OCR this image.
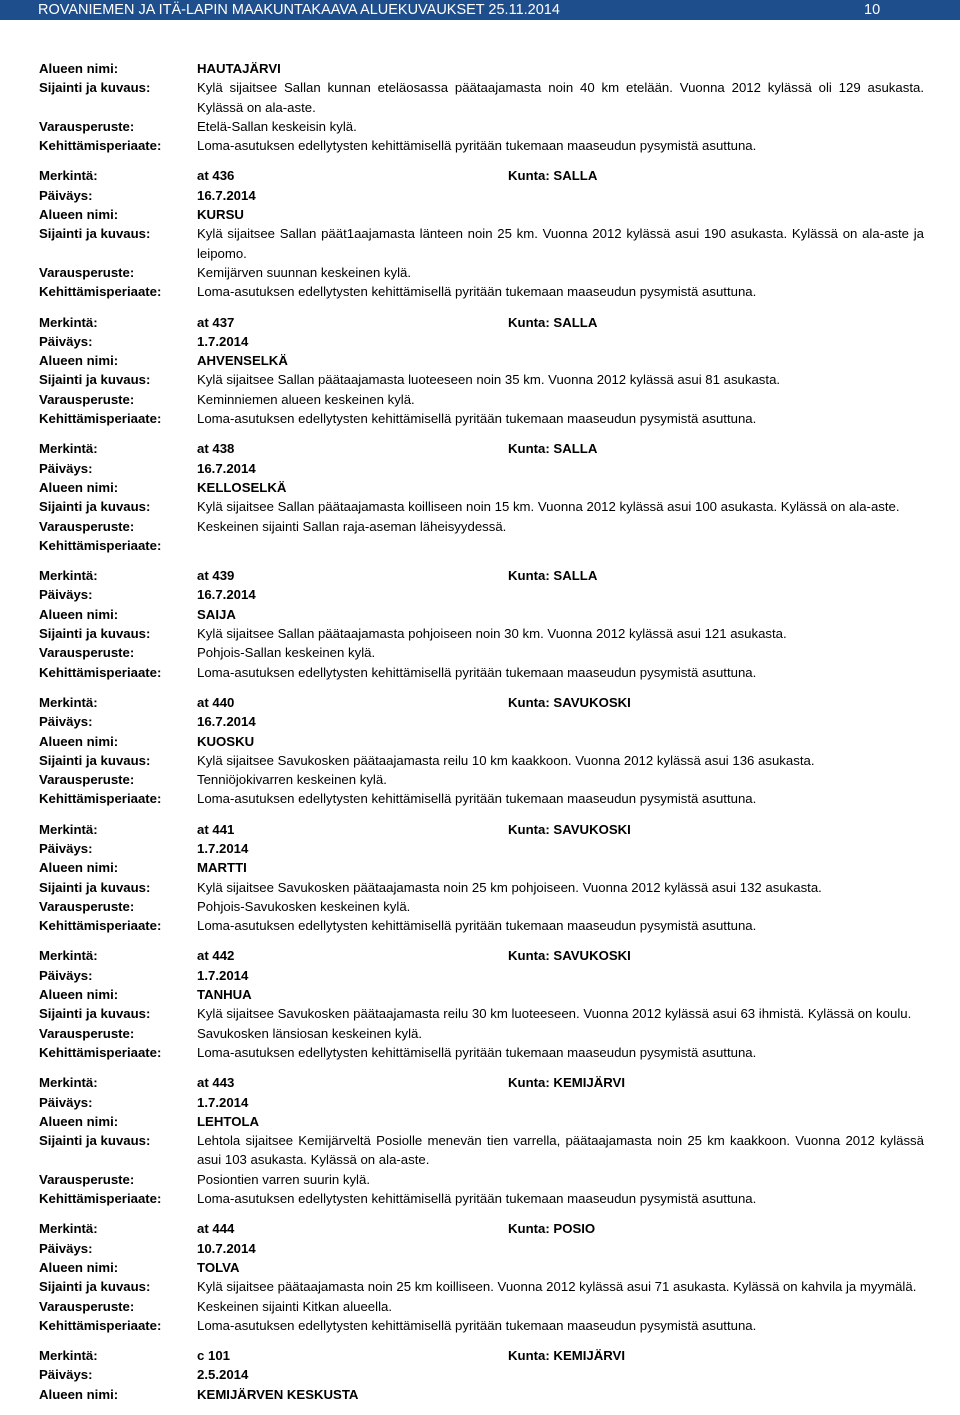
ROVANIEMEN JA ITÄ-LAPIN MAAKUNTAKAAVA ALUEKUVAUKSET 25.11.2014	10
Alueen nimi:	HAUTAJÄRVI
Sijainti ja kuvaus:	Kylä sijaitsee Sallan kunnan eteläosassa päätaajamasta noin 40 km etelään. Vuonna 2012 kylässä oli 129 asukasta. Kylässä on ala-aste.
Varausperuste:	Etelä-Sallan keskeisin kylä.
Kehittämisperiaate:	Loma-asutuksen edellytysten kehittämisellä pyritään tukemaan maaseudun pysymistä asuttuna.
Merkintä:	at 436	Kunta: SALLA
Päiväys:	16.7.2014
Alueen nimi:	KURSU
Sijainti ja kuvaus:	Kylä sijaitsee Sallan päät1aajamasta länteen noin 25 km. Vuonna 2012 kylässä asui 190 asukasta. Kylässä on ala-aste ja leipomo.
Varausperuste:	Kemijärven suunnan keskeinen kylä.
Kehittämisperiaate:	Loma-asutuksen edellytysten kehittämisellä pyritään tukemaan maaseudun pysymistä asuttuna.
Merkintä:	at 437	Kunta: SALLA
Päiväys:	1.7.2014
Alueen nimi:	AHVENSELKÄ
Sijainti ja kuvaus:	Kylä sijaitsee Sallan päätaajamasta luoteeseen noin 35 km. Vuonna 2012 kylässä asui 81 asukasta.
Varausperuste:	Keminniemen alueen keskeinen kylä.
Kehittämisperiaate:	Loma-asutuksen edellytysten kehittämisellä pyritään tukemaan maaseudun pysymistä asuttuna.
Merkintä:	at 438	Kunta: SALLA
Päiväys:	16.7.2014
Alueen nimi:	KELLOSELKÄ
Sijainti ja kuvaus:	Kylä sijaitsee Sallan päätaajamasta koilliseen noin 15 km. Vuonna 2012 kylässä asui 100 asukasta. Kylässä on ala-aste.
Varausperuste:	Keskeinen sijainti Sallan raja-aseman läheisyydessä.
Kehittämisperiaate:
Merkintä:	at 439	Kunta: SALLA
Päiväys:	16.7.2014
Alueen nimi:	SAIJA
Sijainti ja kuvaus:	Kylä sijaitsee Sallan päätaajamasta pohjoiseen noin 30 km. Vuonna 2012 kylässä asui 121 asukasta.
Varausperuste:	Pohjois-Sallan keskeinen kylä.
Kehittämisperiaate:	Loma-asutuksen edellytysten kehittämisellä pyritään tukemaan maaseudun pysymistä asuttuna.
Merkintä:	at 440	Kunta: SAVUKOSKI
Päiväys:	16.7.2014
Alueen nimi:	KUOSKU
Sijainti ja kuvaus:	Kylä sijaitsee Savukosken päätaajamasta reilu 10 km kaakkoon. Vuonna 2012 kylässä asui 136 asukasta.
Varausperuste:	Tenniöjokivarren keskeinen kylä.
Kehittämisperiaate:	Loma-asutuksen edellytysten kehittämisellä pyritään tukemaan maaseudun pysymistä asuttuna.
Merkintä:	at 441	Kunta: SAVUKOSKI
Päiväys:	1.7.2014
Alueen nimi:	MARTTI
Sijainti ja kuvaus:	Kylä sijaitsee Savukosken päätaajamasta noin 25 km pohjoiseen. Vuonna 2012 kylässä asui 132 asukasta.
Varausperuste:	Pohjois-Savukosken keskeinen kylä.
Kehittämisperiaate:	Loma-asutuksen edellytysten kehittämisellä pyritään tukemaan maaseudun pysymistä asuttuna.
Merkintä:	at 442	Kunta: SAVUKOSKI
Päiväys:	1.7.2014
Alueen nimi:	TANHUA
Sijainti ja kuvaus:	Kylä sijaitsee Savukosken päätaajamasta reilu 30 km luoteeseen. Vuonna 2012 kylässä asui 63 ihmistä. Kylässä on koulu.
Varausperuste:	Savukosken länsiosan keskeinen kylä.
Kehittämisperiaate:	Loma-asutuksen edellytysten kehittämisellä pyritään tukemaan maaseudun pysymistä asuttuna.
Merkintä:	at 443	Kunta: KEMIJÄRVI
Päiväys:	1.7.2014
Alueen nimi:	LEHTOLA
Sijainti ja kuvaus:	Lehtola sijaitsee Kemijärveltä Posiolle menevän tien varrella, päätaajamasta noin 25 km kaakkoon. Vuonna 2012 kylässä asui 103 asukasta. Kylässä on ala-aste.
Varausperuste:	Posiontien varren suurin kylä.
Kehittämisperiaate:	Loma-asutuksen edellytysten kehittämisellä pyritään tukemaan maaseudun pysymistä asuttuna.
Merkintä:	at 444	Kunta: POSIO
Päiväys:	10.7.2014
Alueen nimi:	TOLVA
Sijainti ja kuvaus:	Kylä sijaitsee päätaajamasta noin 25 km koilliseen. Vuonna 2012 kylässä asui 71 asukasta. Kylässä on kahvila ja myymälä.
Varausperuste:	Keskeinen sijainti Kitkan alueella.
Kehittämisperiaate:	Loma-asutuksen edellytysten kehittämisellä pyritään tukemaan maaseudun pysymistä asuttuna.
Merkintä:	c 101	Kunta: KEMIJÄRVI
Päiväys:	2.5.2014
Alueen nimi:	KEMIJÄRVEN KESKUSTA
